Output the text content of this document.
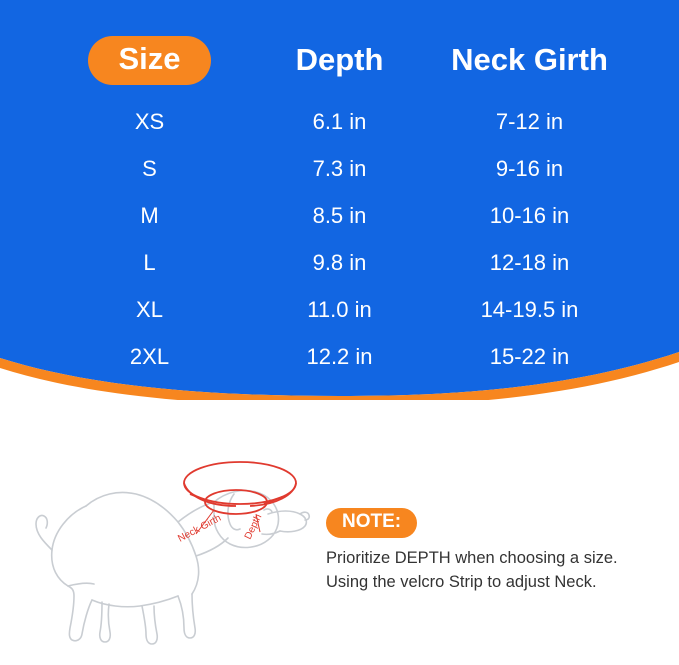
Size	Depth	Neck Girth
XS	6.1 in	7-12 in
S	7.3 in	9-16 in
M	8.5 in	10-16 in
L	9.8 in	12-18 in
XL	11.0 in	14-19.5 in
2XL	12.2 in	15-22 in
Neck Girth Depth	NOTE:
Prioritize DEPTH when choosing a size.
Using the velcro Strip to adjust Neck.
